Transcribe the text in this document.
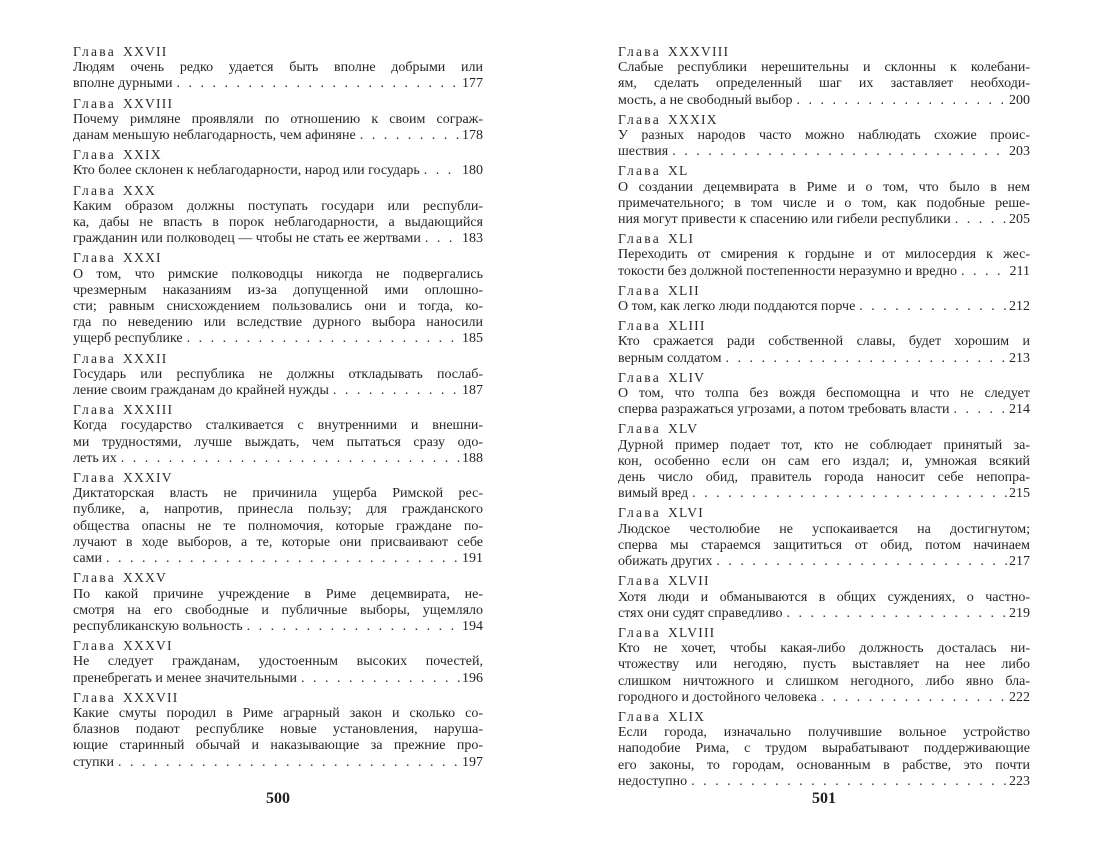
Глава XXVII
Людям очень редко удается быть вполне добрыми или
вполне дурными . . .	177
Глава XXVIII
Почему римляне проявляли по отношению к своим сограж-
данам меньшую неблагодарность, чем афиняне . . .	178
Глава XXIX
Кто более склонен к неблагодарности, народ или государь . . .	180
Глава XXX
Каким образом должны поступать государи или республи-
ка, дабы не впасть в порок неблагодарности, а выдающийся
гражданин или полководец — чтобы не стать ее жертвами . . .	183
Глава XXXI
О том, что римские полководцы никогда не подвергались
чрезмерным наказаниям из-за допущенной ими оплошно-
сти; равным снисхождением пользовались они и тогда, ко-
гда по неведению или вследствие дурного выбора наносили
ущерб республике . . .	185
Глава XXXII
Государь или республика не должны откладывать послаб-
ление своим гражданам до крайней нужды . . .	187
Глава XXXIII
Когда государство сталкивается с внутренними и внешни-
ми трудностями, лучше выждать, чем пытаться сразу одо-
леть их . . .	188
Глава XXXIV
Диктаторская власть не причинила ущерба Римской рес-
публике, а, напротив, принесла пользу; для гражданского
общества опасны не те полномочия, которые граждане по-
лучают в ходе выборов, а те, которые они присваивают себе
сами . . .	191
Глава XXXV
По какой причине учреждение в Риме децемвирата, не-
смотря на его свободные и публичные выборы, ущемляло
республиканскую вольность . . .	194
Глава XXXVI
Не следует гражданам, удостоенным высоких почестей,
пренебрегать и менее значительными . . .	196
Глава XXXVII
Какие смуты породил в Риме аграрный закон и сколько со-
блазнов подают республике новые установления, наруша-
ющие старинный обычай и наказывающие за прежние про-
ступки . . .	197
500
Глава XXXVIII
Слабые республики нерешительны и склонны к колебани-
ям, сделать определенный шаг их заставляет необходи-
мость, а не свободный выбор . . .	200
Глава XXXIX
У разных народов часто можно наблюдать схожие проис-
шествия . . .	203
Глава XL
О создании децемвирата в Риме и о том, что было в нем
примечательного; в том числе и о том, как подобные реше-
ния могут привести к спасению или гибели республики . . .	205
Глава XLI
Переходить от смирения к гордыне и от милосердия к жес-
токости без должной постепенности неразумно и вредно . . .	211
Глава XLII
О том, как легко люди поддаются порче . . .	212
Глава XLIII
Кто сражается ради собственной славы, будет хорошим и
верным солдатом . . .	213
Глава XLIV
О том, что толпа без вождя беспомощна и что не следует
сперва разражаться угрозами, а потом требовать власти . . .	214
Глава XLV
Дурной пример подает тот, кто не соблюдает принятый за-
кон, особенно если он сам его издал; и, умножая всякий
день число обид, правитель города наносит себе непопра-
вимый вред . . .	215
Глава XLVI
Людское честолюбие не успокаивается на достигнутом;
сперва мы стараемся защититься от обид, потом начинаем
обижать других . . .	217
Глава XLVII
Хотя люди и обманываются в общих суждениях, о частно-
стях они судят справедливо . . .	219
Глава XLVIII
Кто не хочет, чтобы какая-либо должность досталась ни-
чтожеству или негодяю, пусть выставляет на нее либо
слишком ничтожного и слишком негодного, либо явно бла-
городного и достойного человека . . .	222
Глава XLIX
Если города, изначально получившие вольное устройство
наподобие Рима, с трудом вырабатывают поддерживающие
его законы, то городам, основанным в рабстве, это почти
недоступно . . .	223
501
